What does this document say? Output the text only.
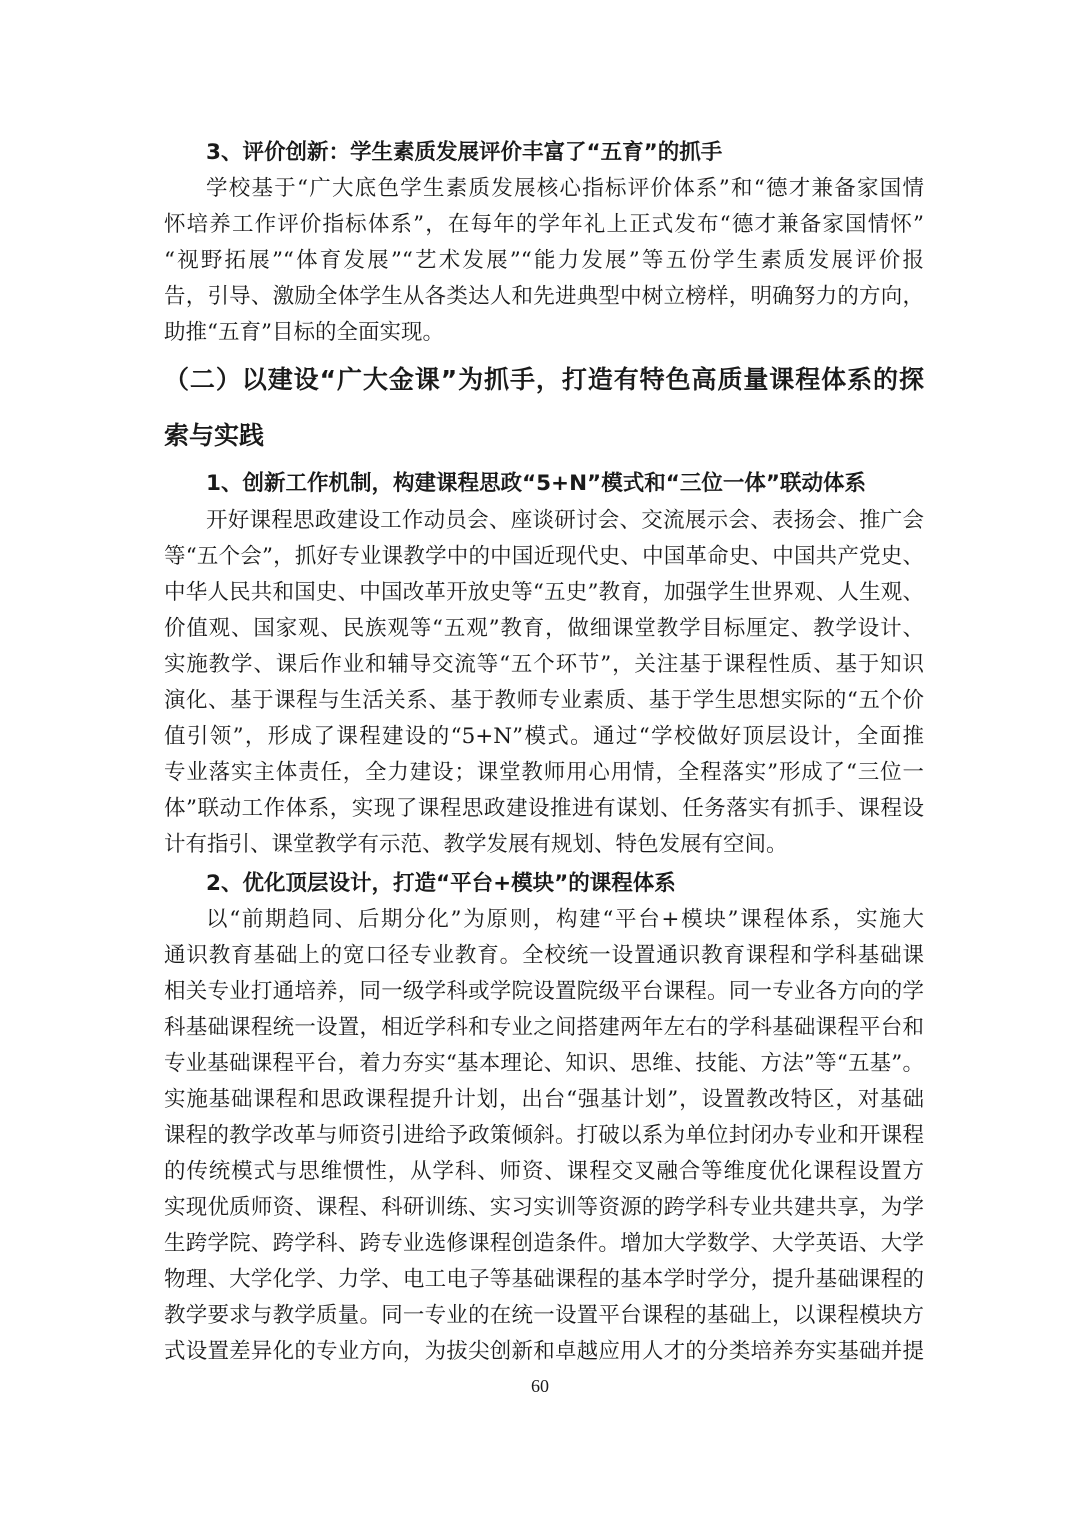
3、评价创新：学生素质发展评价丰富了“五育”的抓手
学校基于“广大底色学生素质发展核心指标评价体系”和“德才兼备家国情
怀培养工作评价指标体系”，在每年的学年礼上正式发布“德才兼备家国情怀”
“视野拓展”“体育发展”“艺术发展”“能力发展”等五份学生素质发展评价报
告，引导、激励全体学生从各类达人和先进典型中树立榜样，明确努力的方向，
助推“五育”目标的全面实现。
（二）以建设“广大金课”为抓手，打造有特色高质量课程体系的探
索与实践
1、创新工作机制，构建课程思政“5+N”模式和“三位一体”联动体系
开好课程思政建设工作动员会、座谈研讨会、交流展示会、表扬会、推广会
等“五个会”，抓好专业课教学中的中国近现代史、中国革命史、中国共产党史、
中华人民共和国史、中国改革开放史等“五史”教育，加强学生世界观、人生观、
价值观、国家观、民族观等“五观”教育，做细课堂教学目标厘定、教学设计、
实施教学、课后作业和辅导交流等“五个环节”，关注基于课程性质、基于知识
演化、基于课程与生活关系、基于教师专业素质、基于学生思想实际的“五个价
值引领”，形成了课程建设的“5+N”模式。通过“学校做好顶层设计，全面推
专业落实主体责任，全力建设；课堂教师用心用情，全程落实”形成了“三位一
体”联动工作体系，实现了课程思政建设推进有谋划、任务落实有抓手、课程设
计有指引、课堂教学有示范、教学发展有规划、特色发展有空间。
2、优化顶层设计，打造“平台+模块”的课程体系
以“前期趋同、后期分化”为原则，构建“平台+模块”课程体系，实施大
通识教育基础上的宽口径专业教育。全校统一设置通识教育课程和学科基础课
相关专业打通培养，同一级学科或学院设置院级平台课程。同一专业各方向的学
科基础课程统一设置，相近学科和专业之间搭建两年左右的学科基础课程平台和
专业基础课程平台，着力夯实“基本理论、知识、思维、技能、方法”等“五基”。
实施基础课程和思政课程提升计划，出台“强基计划”，设置教改特区，对基础
课程的教学改革与师资引进给予政策倾斜。打破以系为单位封闭办专业和开课程
的传统模式与思维惯性，从学科、师资、课程交叉融合等维度优化课程设置方
实现优质师资、课程、科研训练、实习实训等资源的跨学科专业共建共享，为学
生跨学院、跨学科、跨专业选修课程创造条件。增加大学数学、大学英语、大学
物理、大学化学、力学、电工电子等基础课程的基本学时学分，提升基础课程的
教学要求与教学质量。同一专业的在统一设置平台课程的基础上，以课程模块方
式设置差异化的专业方向，为拔尖创新和卓越应用人才的分类培养夯实基础并提
60
